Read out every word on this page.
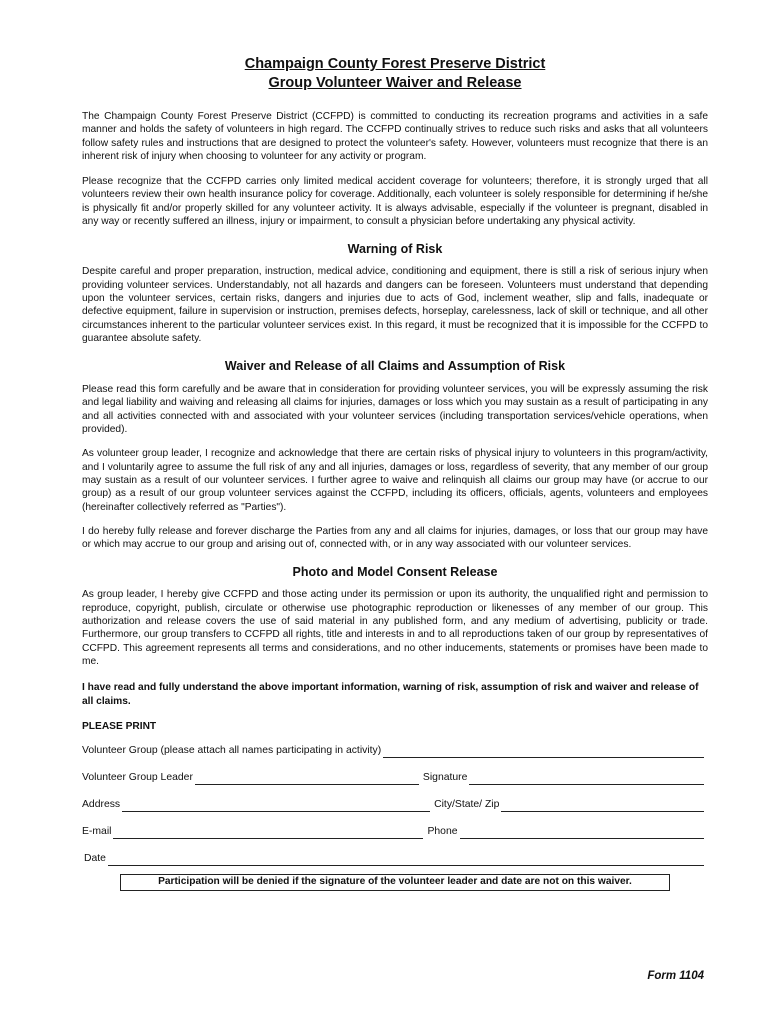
Champaign County Forest Preserve District

Group Volunteer Waiver and Release

The Champaign County Forest Preserve District (CCFPD) is committed to conducting its recreation programs and activities in a safe manner and holds the safety of volunteers in high regard. The CCFPD continually strives to reduce such risks and asks that all volunteers follow safety rules and instructions that are designed to protect the volunteer's safety. However, volunteers must recognize that there is an inherent risk of injury when choosing to volunteer for any activity or program.

Please recognize that the CCFPD carries only limited medical accident coverage for volunteers; therefore, it is strongly urged that all volunteers review their own health insurance policy for coverage. Additionally, each volunteer is solely responsible for determining if he/she is physically fit and/or properly skilled for any volunteer activity. It is always advisable, especially if the volunteer is pregnant, disabled in any way or recently suffered an illness, injury or impairment, to consult a physician before undertaking any physical activity.

Warning of Risk

Despite careful and proper preparation, instruction, medical advice, conditioning and equipment, there is still a risk of serious injury when providing volunteer services. Understandably, not all hazards and dangers can be foreseen. Volunteers must understand that depending upon the volunteer services, certain risks, dangers and injuries due to acts of God, inclement weather, slip and falls, inadequate or defective equipment, failure in supervision or instruction, premises defects, horseplay, carelessness, lack of skill or technique, and all other circumstances inherent to the particular volunteer services exist. In this regard, it must be recognized that it is impossible for the CCFPD to guarantee absolute safety.

Waiver and Release of all Claims and Assumption of Risk

Please read this form carefully and be aware that in consideration for providing volunteer services, you will be expressly assuming the risk and legal liability and waiving and releasing all claims for injuries, damages or loss which you may sustain as a result of participating in any and all activities connected with and associated with your volunteer services (including transportation services/vehicle operations, when provided).

As volunteer group leader, I recognize and acknowledge that there are certain risks of physical injury to volunteers in this program/activity, and I voluntarily agree to assume the full risk of any and all injuries, damages or loss, regardless of severity, that any member of our group may sustain as a result of our volunteer services. I further agree to waive and relinquish all claims our group may have (or accrue to our group) as a result of our group volunteer services against the CCFPD, including its officers, officials, agents, volunteers and employees (hereinafter collectively referred as "Parties").

I do hereby fully release and forever discharge the Parties from any and all claims for injuries, damages, or loss that our group may have or which may accrue to our group and arising out of, connected with, or in any way associated with our volunteer services.

Photo and Model Consent Release

As group leader, I hereby give CCFPD and those acting under its permission or upon its authority, the unqualified right and permission to reproduce, copyright, publish, circulate or otherwise use photographic reproduction or likenesses of any member of our group. This authorization and release covers the use of said material in any published form, and any medium of advertising, publicity or trade. Furthermore, our group transfers to CCFPD all rights, title and interests in and to all reproductions taken of our group by representatives of CCFPD. This agreement represents all terms and considerations, and no other inducements, statements or promises have been made to me.

I have read and fully understand the above important information, warning of risk, assumption of risk and waiver and release of all claims.

PLEASE PRINT

Volunteer Group (please attach all names participating in activity)
Volunteer Group Leader	Signature
Address	City/State/ Zip
E-mail	Phone
Date
Participation will be denied if the signature of the volunteer leader and date are not on this waiver.
Form 1104
